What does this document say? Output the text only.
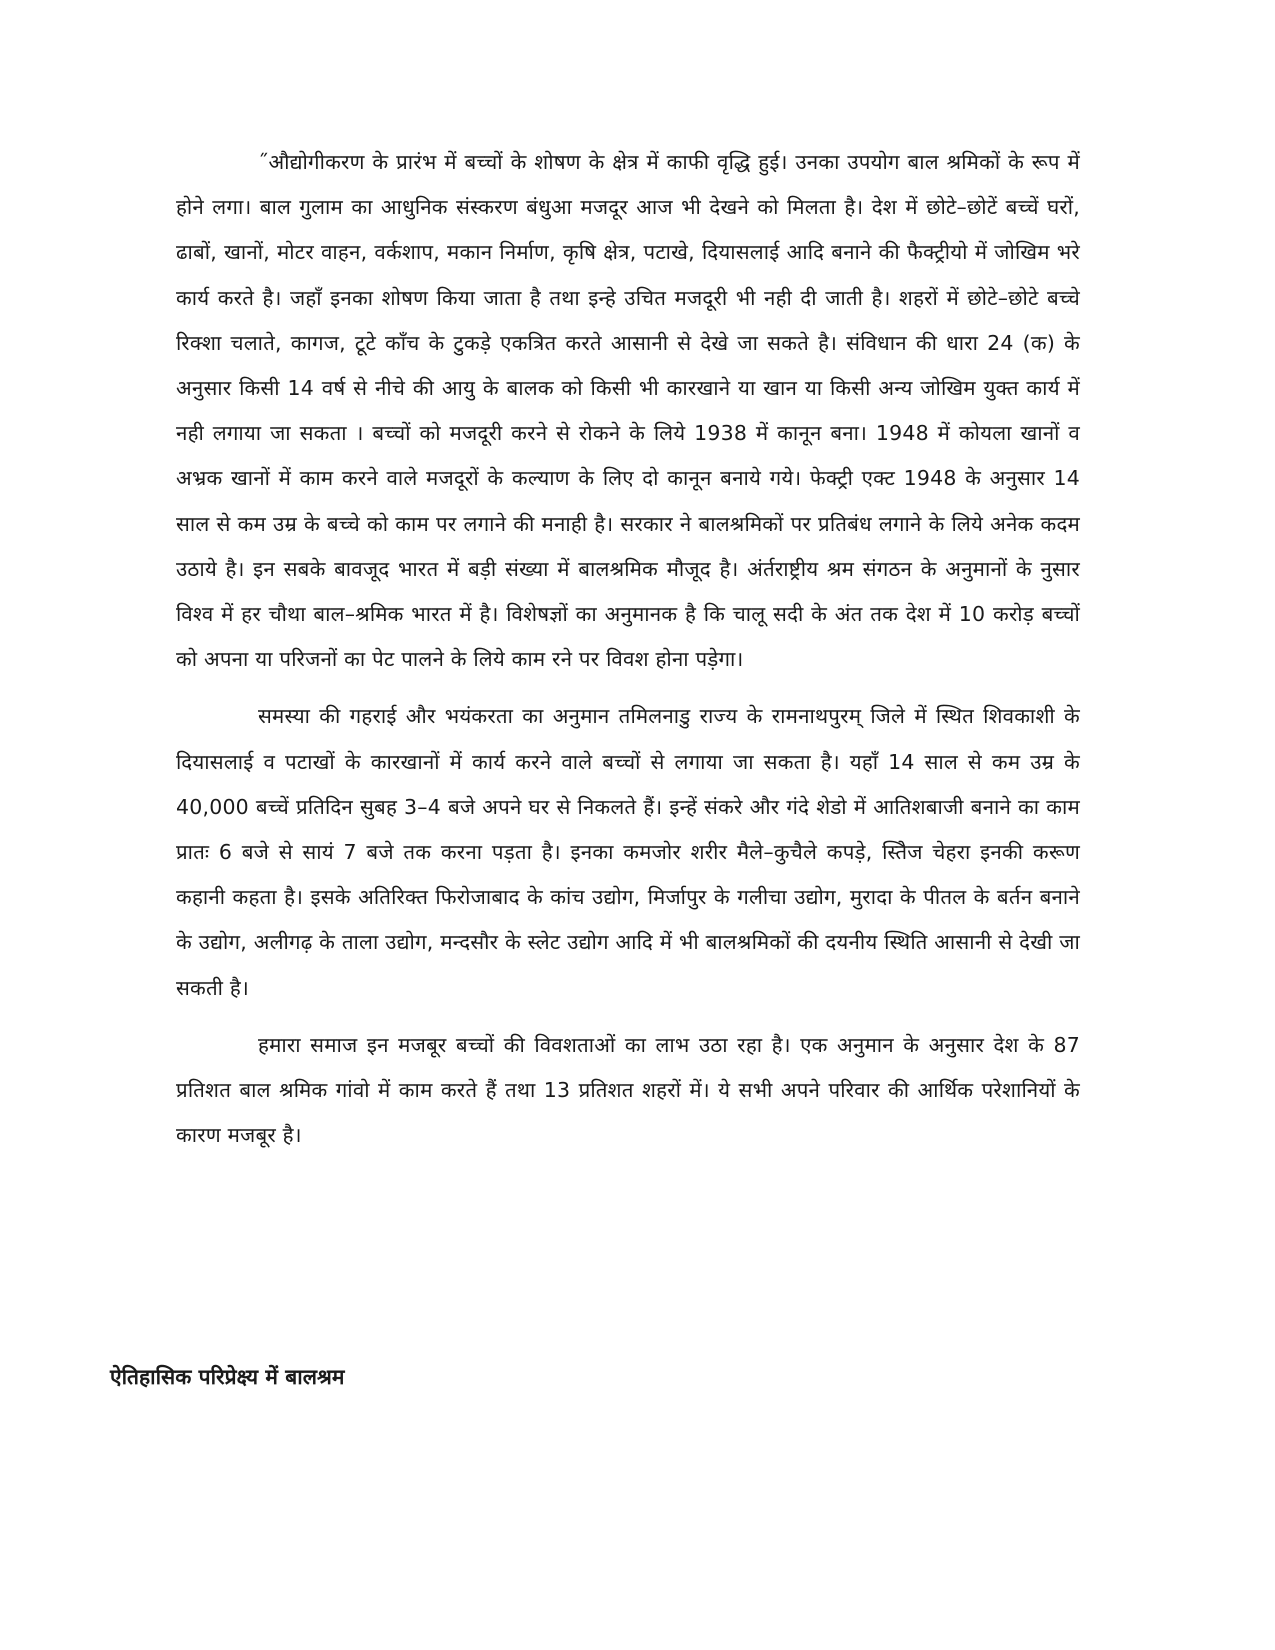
˝औद्योगीकरण के प्रारंभ में बच्चों के शोषण के क्षेत्र में काफी वृद्धि हुई। उनका उपयोग बाल श्रमिकों के रूप में होने लगा। बाल गुलाम का आधुनिक संस्करण बंधुआ मजदूर आज भी देखने को मिलता है। देश में छोटे–छोटें बच्चें घरों, ढाबों, खानों, मोटर वाहन, वर्कशाप, मकान निर्माण, कृषि क्षेत्र, पटाखे, दियासलाई आदि बनाने की फैक्ट्रीयो में जोखिम भरे कार्य करते है। जहाँ इनका शोषण किया जाता है तथा इन्हे उचित मजदूरी भी नही दी जाती है। शहरों में छोटे–छोटे बच्चे रिक्शा चलाते, कागज, टूटे कॉंच के टुकड़े एकत्रित करते आसानी से देखे जा सकते है। संविधान की धारा 24 (क) के अनुसार किसी 14 वर्ष से नीचे की आयु के बालक को किसी भी कारखाने या खान या किसी अन्य जोखिम युक्त कार्य में नही लगाया जा सकता । बच्चों को मजदूरी करने से रोकने के लिये 1938 में कानून बना। 1948 में कोयला खानों व अभ्रक खानों में काम करने वाले मजदूरों के कल्याण के लिए दो कानून बनाये गये। फेक्ट्री एक्ट 1948 के अनुसार 14 साल से कम उम्र के बच्चे को काम पर लगाने की मनाही है। सरकार ने बालश्रमिकों पर प्रतिबंध लगाने के लिये अनेक कदम उठाये है। इन सबके बावजूद भारत में बड़ी संख्या में बालश्रमिक मौजूद है। अंर्तराष्ट्रीय श्रम संगठन के अनुमानों के नुसार विश्व में हर चौथा बाल–श्रमिक भारत में है। विशेषज्ञों का अनुमानक है कि चालू सदी के अंत तक देश में 10 करोड़ बच्चों को अपना या परिजनों का पेट पालने के लिये काम रने पर विवश होना पड़ेगा।

समस्या की गहराई और भयंकरता का अनुमान तमिलनाडु राज्य के रामनाथपुरम् जिले में स्थित शिवकाशी के दियासलाई व पटाखों के कारखानों में कार्य करने वाले बच्चों से लगाया जा सकता है। यहाँ 14 साल से कम उम्र के 40,000 बच्चें प्रतिदिन सुबह 3–4 बजे अपने घर से निकलते हैं। इन्हें संकरे और गंदे शेडो में आतिशबाजी बनाने का काम प्रातः 6 बजे से सायं 7 बजे तक करना पड़ता है। इनका कमजोर शरीर मैले–कुचैले कपड़े, स्तिेज चेहरा इनकी करूण कहानी कहता है। इसके अतिरिक्त फिरोजाबाद के कांच उद्योग, मिर्जापुर के गलीचा उद्योग, मुरादा के पीतल के बर्तन बनाने के उद्योग, अलीगढ़ के ताला उद्योग, मन्दसौर के स्लेट उद्योग आदि में भी बालश्रमिकों की दयनीय स्थिति आसानी से देखी जा सकती है।

हमारा समाज इन मजबूर बच्चों की विवशताओं का लाभ उठा रहा है। एक अनुमान के अनुसार देश के 87 प्रतिशत बाल श्रमिक गांवो में काम करते हैं तथा 13 प्रतिशत शहरों में। ये सभी अपने परिवार की आर्थिक परेशानियों के कारण मजबूर है।

ऐतिहासिक परिप्रेक्ष्य में बालश्रम
